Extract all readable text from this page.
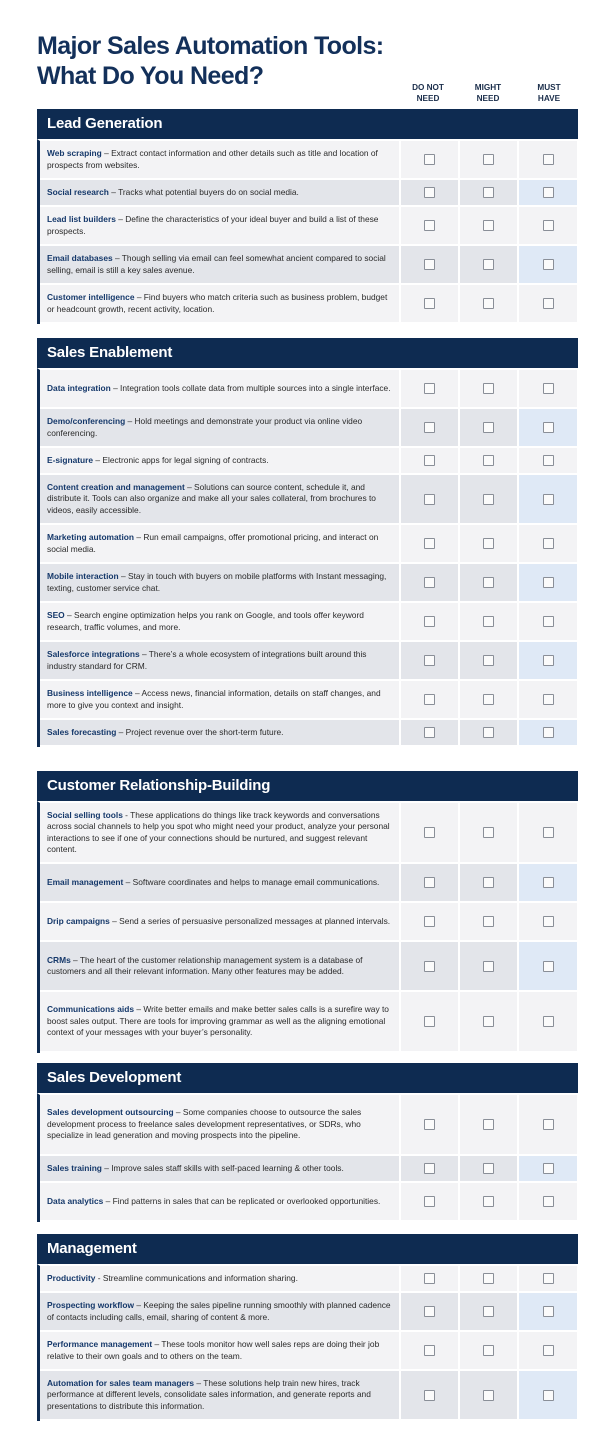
Major Sales Automation Tools:
What Do You Need?	DO NOT
NEED
MIGHT
NEED
MUST
HAVE
Lead Generation
Web scraping – Extract contact information and other details such as title and location of prospects from websites.
Social research – Tracks what potential buyers do on social media.
Lead list builders – Define the characteristics of your ideal buyer and build a list of these prospects.
Email databases – Though selling via email can feel somewhat ancient compared to social selling, email is still a key sales avenue.
Customer intelligence – Find buyers who match criteria such as business problem, budget or headcount growth, recent activity, location.
Sales Enablement
Data integration – Integration tools collate data from multiple sources into a single interface.
Demo/conferencing – Hold meetings and demonstrate your product via online video conferencing.
E-signature – Electronic apps for legal signing of contracts.
Content creation and management – Solutions can source content, schedule it, and distribute it. Tools can also organize and make all your sales collateral, from brochures to videos, easily accessible.
Marketing automation – Run email campaigns, offer promotional pricing, and interact on social media.
Mobile interaction – Stay in touch with buyers on mobile platforms with Instant messaging, texting, customer service chat.
SEO – Search engine optimization helps you rank on Google, and tools offer keyword research, traffic volumes, and more.
Salesforce integrations – There’s a whole ecosystem of integrations built around this industry standard for CRM.
Business intelligence – Access news, financial information, details on staff changes, and more to give you context and insight.
Sales forecasting – Project revenue over the short-term future.
Customer Relationship-Building
Social selling tools - These applications do things like track keywords and conversations across social channels to help you spot who might need your product, analyze your personal interactions to see if one of your connections should be nurtured, and suggest relevant content.
Email management – Software coordinates and helps to manage email communications.
Drip campaigns – Send a series of persuasive personalized messages at planned intervals.
CRMs – The heart of the customer relationship management system is a database of customers and all their relevant information. Many other features may be added.
Communications aids – Write better emails and make better sales calls is a surefire way to boost sales output. There are tools for improving grammar as well as the aligning emotional context of your messages with your buyer’s personality.
Sales Development
Sales development outsourcing – Some companies choose to outsource the sales development process to freelance sales development representatives, or SDRs, who specialize in lead generation and moving prospects into the pipeline.
Sales training – Improve sales staff skills with self-paced learning & other tools.
Data analytics – Find patterns in sales that can be replicated or overlooked opportunities.
Management
Productivity - Streamline communications and information sharing.
Prospecting workflow – Keeping the sales pipeline running smoothly with planned cadence of contacts including calls, email, sharing of content & more.
Performance management – These tools monitor how well sales reps are doing their job relative to their own goals and to others on the team.
Automation for sales team managers – These solutions help train new hires, track performance at different levels, consolidate sales information, and generate reports and presentations to distribute this information.
